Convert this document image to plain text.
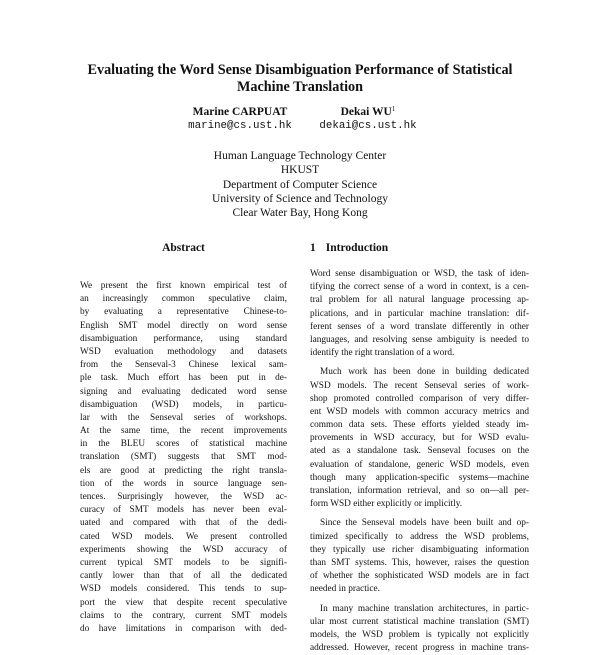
Evaluating the Word Sense Disambiguation Performance of Statistical
Machine Translation
Marine CARPUAT
marine@cs.ust.hk
Dekai $WU^1$
dekai@cs.ust.hk
Human Language Technology Center
HKUST
Department of Computer Science
University of Science and Technology
Clear Water Bay, Hong Kong
Abstract
We present the first known empirical test of
an increasingly common speculative claim,
by evaluating a representative Chinese-to-
English SMT model directly on word sense
disambiguation performance, using standard
WSD evaluation methodology and datasets
from the Senseval-3 Chinese lexical sam-
ple task. Much effort has been put in de-
signing and evaluating dedicated word sense
disambiguation (WSD) models, in particu-
lar with the Senseval series of workshops.
At the same time, the recent improvements
in the BLEU scores of statistical machine
translation (SMT) suggests that SMT mod-
els are good at predicting the right transla-
tion of the words in source language sen-
tences. Surprisingly however, the WSD ac-
curacy of SMT models has never been eval-
uated and compared with that of the dedi-
cated WSD models. We present controlled
experiments showing the WSD accuracy of
current typical SMT models to be signifi-
cantly lower than that of all the dedicated
WSD models considered. This tends to sup-
port the view that despite recent speculative
claims to the contrary, current SMT models
do have limitations in comparison with ded-
1 Introduction
Word sense disambiguation or WSD, the task of iden-
tifying the correct sense of a word in context, is a cen-
tral problem for all natural language processing ap-
plications, and in particular machine translation: dif-
ferent senses of a word translate differently in other
languages, and resolving sense ambiguity is needed to
identify the right translation of a word.
Much work has been done in building dedicated
WSD models. The recent Senseval series of work-
shop promoted controlled comparison of very differ-
ent WSD models with common accuracy metrics and
common data sets. These efforts yielded steady im-
provements in WSD accuracy, but for WSD evalu-
ated as a standalone task. Senseval focuses on the
evaluation of standalone, generic WSD models, even
though many application-specific systems—machine
translation, information retrieval, and so on—all per-
form WSD either explicitly or implicitly.
Since the Senseval models have been built and op-
timized specifically to address the WSD problems,
they typically use richer disambiguating information
than SMT systems. This, however, raises the question
of whether the sophisticated WSD models are in fact
needed in practice.
In many machine translation architectures, in partic-
ular most current statistical machine translation (SMT)
models, the WSD problem is typically not explicitly
addressed. However, recent progress in machine trans-
